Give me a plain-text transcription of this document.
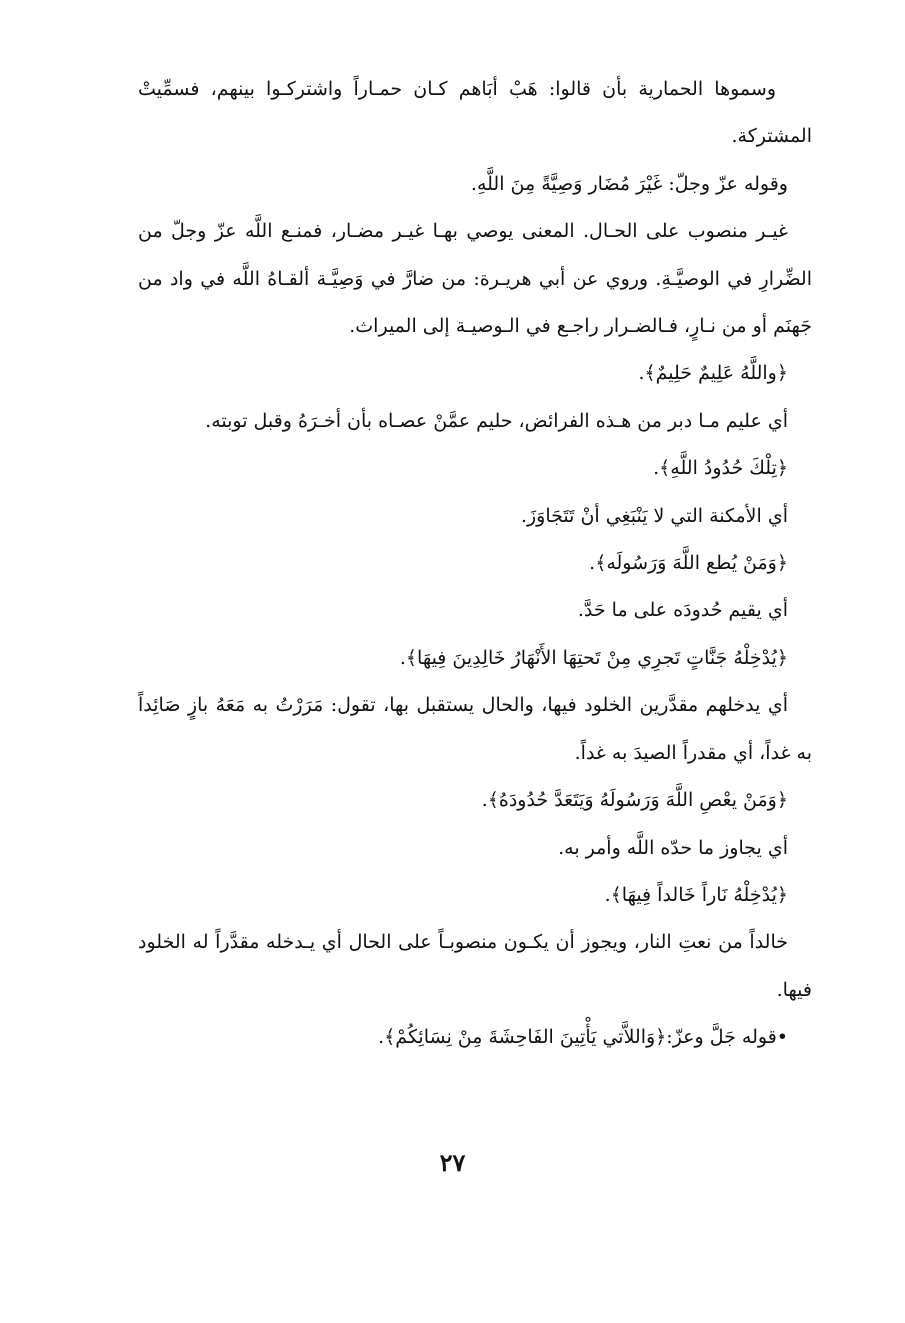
وسموها الحمارية بأن قالوا: هَبْ أبَاهم كـان حمـاراً واشتركـوا بينهم، فسمِّيتْ المشتركة.

وقوله عزّ وجلّ: غَيْرَ مُضَار وَصِيَّةً مِنَ اللَّهِ.

غيـر منصوب على الحـال. المعنى يوصي بهـا غيـر مضـار، فمنـع اللَّه عزّ وجلّ من الضِّرارِ في الوصيَّـةِ. وروي عن أبي هريـرة: من ضارَّ في وَصِيَّـة ألقـاهُ اللَّه في واد من جَهنَم أو من نـارٍ، فـالضـرار راجـع في الـوصيـة إلى الميراث.

﴿واللَّهُ عَلِيمٌ حَلِيمٌ﴾.

أي عليم مـا دبر من هـذه الفرائض، حليم عمَّنْ عصـاه بأن أخـرَهُ وقبل توبته.

﴿تِلْكَ حُدُودُ اللَّهِ﴾.

أي الأمكنة التي لا يَنْبَغِي أنْ تَتَجَاوَزَ.

﴿وَمَنْ يُطع اللَّهَ وَرَسُولَه﴾.

أي يقيم حُدودَه على ما حَدَّ.

﴿يُدْخِلْهُ جَنَّاتٍ تَجرِي مِنْ تَحتِهَا الأَنْهَارُ خَالِدِينَ فِيهَا﴾.

أي يدخلهم مقدَّرين الخلود فيها، والحال يستقبل بها، تقول: مَرَرْتُ به مَعَهُ بازٍ صَائِداً به غداً، أي مقدراً الصيدَ به غداً.

﴿وَمَنْ يعْصِ اللَّهَ وَرَسُولَهُ وَيَتَعَدَّ حُدُودَهُ﴾.

أي يجاوز ما حدّه اللَّه وأمر به.

﴿يُدْخِلْهُ نَاراً خَالداً فِيهَا﴾.

خالداً من نعتِ النار، ويجوز أن يكـون منصوبـاً على الحال أي يـدخله مقدَّراً له الخلود فيها.

•قوله جَلَّ وعزّ:﴿وَاللاَّتي يَأْتِينَ الفَاحِشَةَ مِنْ نِسَائِكُمْ﴾.

٢٧
